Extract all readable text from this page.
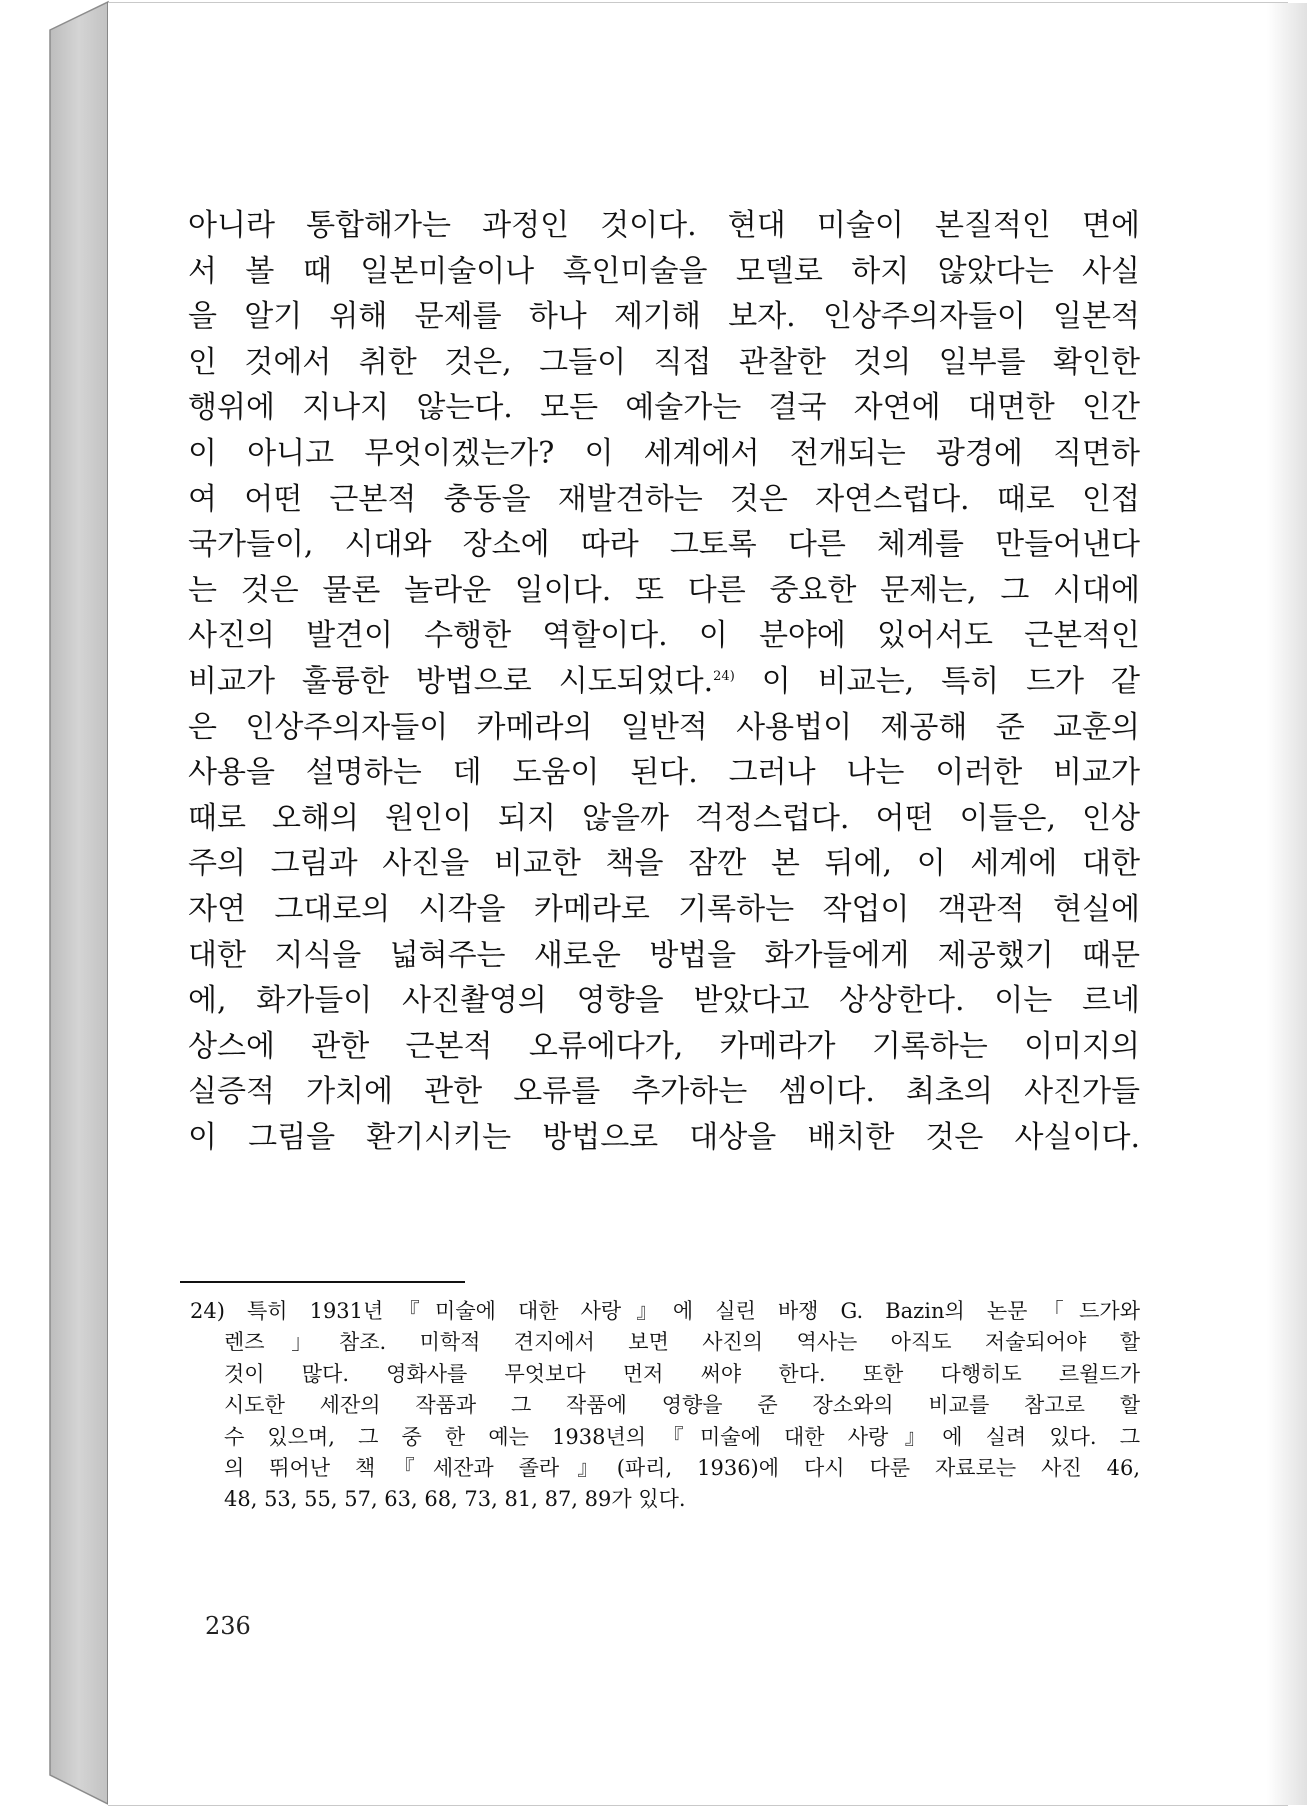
아니라 통합해가는 과정인 것이다. 현대 미술이 본질적인 면에
서 볼 때 일본미술이나 흑인미술을 모델로 하지 않았다는 사실
을 알기 위해 문제를 하나 제기해 보자. 인상주의자들이 일본적
인 것에서 취한 것은, 그들이 직접 관찰한 것의 일부를 확인한
행위에 지나지 않는다. 모든 예술가는 결국 자연에 대면한 인간
이 아니고 무엇이겠는가? 이 세계에서 전개되는 광경에 직면하
여 어떤 근본적 충동을 재발견하는 것은 자연스럽다. 때로 인접
국가들이, 시대와 장소에 따라 그토록 다른 체계를 만들어낸다
는 것은 물론 놀라운 일이다. 또 다른 중요한 문제는, 그 시대에
사진의 발견이 수행한 역할이다. 이 분야에 있어서도 근본적인
비교가 훌륭한 방법으로 시도되었다.$^{24)}$ 이 비교는, 특히 드가 같
은 인상주의자들이 카메라의 일반적 사용법이 제공해 준 교훈의
사용을 설명하는 데 도움이 된다. 그러나 나는 이러한 비교가
때로 오해의 원인이 되지 않을까 걱정스럽다. 어떤 이들은, 인상
주의 그림과 사진을 비교한 책을 잠깐 본 뒤에, 이 세계에 대한
자연 그대로의 시각을 카메라로 기록하는 작업이 객관적 현실에
대한 지식을 넓혀주는 새로운 방법을 화가들에게 제공했기 때문
에, 화가들이 사진촬영의 영향을 받았다고 상상한다. 이는 르네
상스에 관한 근본적 오류에다가, 카메라가 기록하는 이미지의
실증적 가치에 관한 오류를 추가하는 셈이다. 최초의 사진가들
이 그림을 환기시키는 방법으로 대상을 배치한 것은 사실이다.
24) 특히 1931년『미술에 대한 사랑』에 실린 바쟁 G. Bazin의 논문「드가와
렌즈」참조. 미학적 견지에서 보면 사진의 역사는 아직도 저술되어야 할
것이 많다. 영화사를 무엇보다 먼저 써야 한다. 또한 다행히도 르윌드가
시도한 세잔의 작품과 그 작품에 영향을 준 장소와의 비교를 참고로 할
수 있으며, 그 중 한 예는 1938년의『미술에 대한 사랑』에 실려 있다. 그
의 뛰어난 책『세잔과 졸라』(파리, 1936)에 다시 다룬 자료로는 사진 46,
48, 53, 55, 57, 63, 68, 73, 81, 87, 89가 있다.
236
